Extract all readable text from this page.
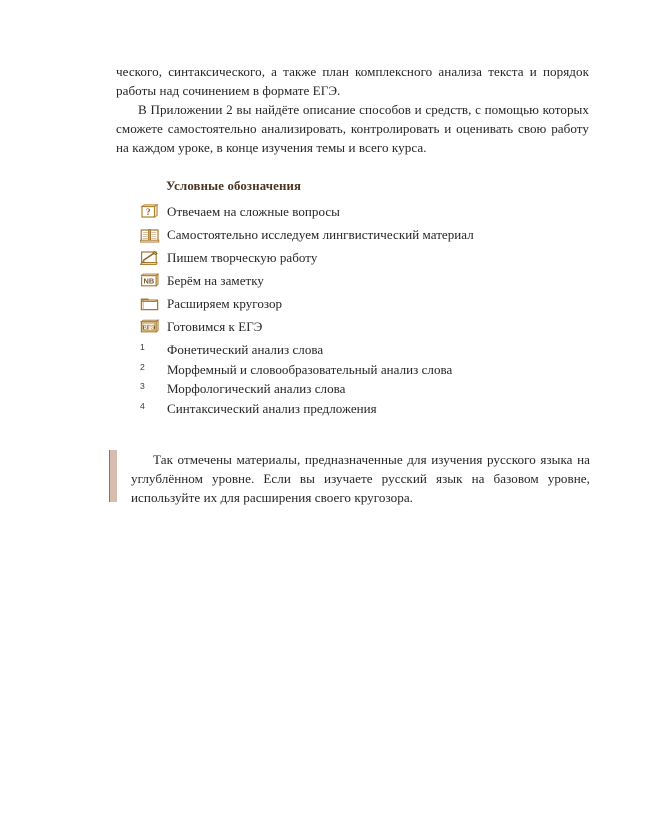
ческого, синтаксического, а также план комплексного анализа текста и порядок работы над сочинением в формате ЕГЭ.

В Приложении 2 вы найдёте описание способов и средств, с помощью которых сможете самостоятельно анализировать, контролировать и оценивать свою работу на каждом уроке, в конце изучения темы и всего курса.

Условные обозначения
? Отвечаем на сложные вопросы
Самостоятельно исследуем лингвистический материал
Пишем творческую работу
NB Берём на заметку
Расширяем кругозор
ЕГЭ Готовимся к ЕГЭ
1	Фонетический анализ слова
2	Морфемный и словообразовательный анализ слова
3	Морфологический анализ слова
4	Синтаксический анализ предложения

Так отмечены материалы, предназначенные для изучения русского языка на углублённом уровне. Если вы изучаете русский язык на базовом уровне, используйте их для расширения своего кругозора.
